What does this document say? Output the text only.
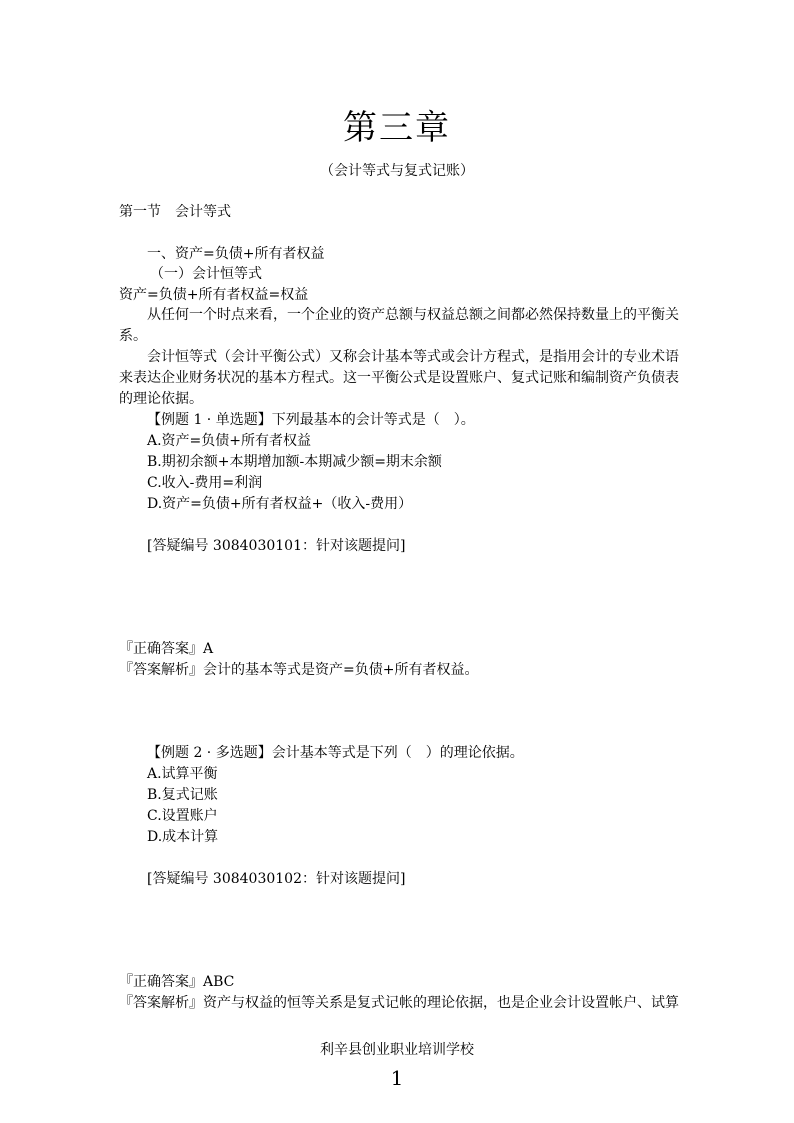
第三章
（会计等式与复式记账）
第一节　会计等式
一、资产=负债+所有者权益
（一）会计恒等式
资产=负债+所有者权益=权益
从任何一个时点来看，一个企业的资产总额与权益总额之间都必然保持数量上的平衡关系。
会计恒等式（会计平衡公式）又称会计基本等式或会计方程式，是指用会计的专业术语来表达企业财务状况的基本方程式。这一平衡公式是设置账户、复式记账和编制资产负债表的理论依据。
【例题 1 · 单选题】下列最基本的会计等式是（　）。
A.资产=负债+所有者权益
B.期初余额+本期增加额-本期减少额=期末余额
C.收入-费用=利润
D.资产=负债+所有者权益+（收入-费用）
[答疑编号 3084030101：针对该题提问]
『正确答案』A
『答案解析』会计的基本等式是资产=负债+所有者权益。
【例题 2 · 多选题】会计基本等式是下列（　）的理论依据。
A.试算平衡
B.复式记账
C.设置账户
D.成本计算
[答疑编号 3084030102：针对该题提问]
『正确答案』ABC
『答案解析』资产与权益的恒等关系是复式记帐的理论依据，也是企业会计设置帐户、试算
利辛县创业职业培训学校
1
